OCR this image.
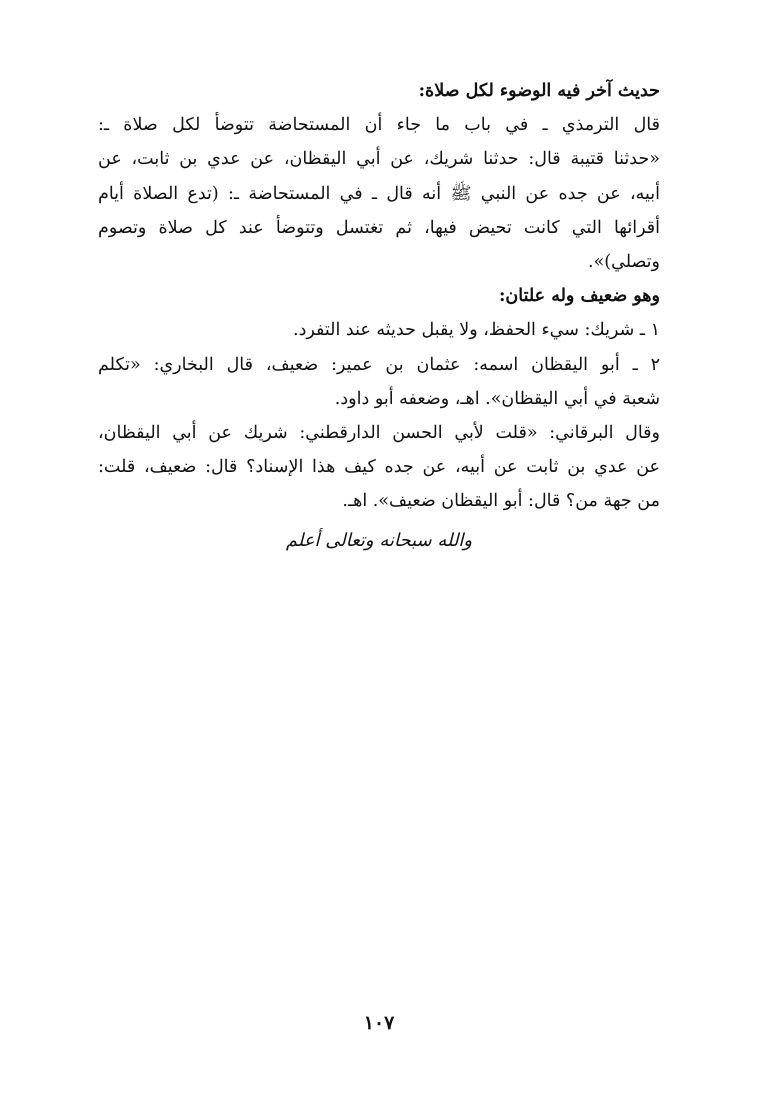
حديث آخر فيه الوضوء لكل صلاة:
قال الترمذي ـ في باب ما جاء أن المستحاضة تتوضأ لكل صلاة ـ:
«حدثنا قتيبة قال: حدثنا شريك، عن أبي اليقظان، عن عدي بن ثابت، عن
أبيه، عن جده عن النبي ﷺ أنه قال ـ في المستحاضة ـ: (تدع الصلاة أيام
أقرائها التي كانت تحيض فيها، ثم تغتسل وتتوضأ عند كل صلاة وتصوم
وتصلي)».
وهو ضعيف وله علتان:
١ ـ شريك: سيء الحفظ، ولا يقبل حديثه عند التفرد.
٢ ـ أبو اليقظان اسمه: عثمان بن عمير: ضعيف، قال البخاري: «تكلم
شعبة في أبي اليقظان». اهـ، وضعفه أبو داود.
وقال البرقاني: «قلت لأبي الحسن الدارقطني: شريك عن أبي اليقظان،
عن عدي بن ثابت عن أبيه، عن جده كيف هذا الإسناد؟ قال: ضعيف، قلت:
من جهة من؟ قال: أبو اليقظان ضعيف». اهـ.
والله سبحانه وتعالى أعلم
١٠٧
